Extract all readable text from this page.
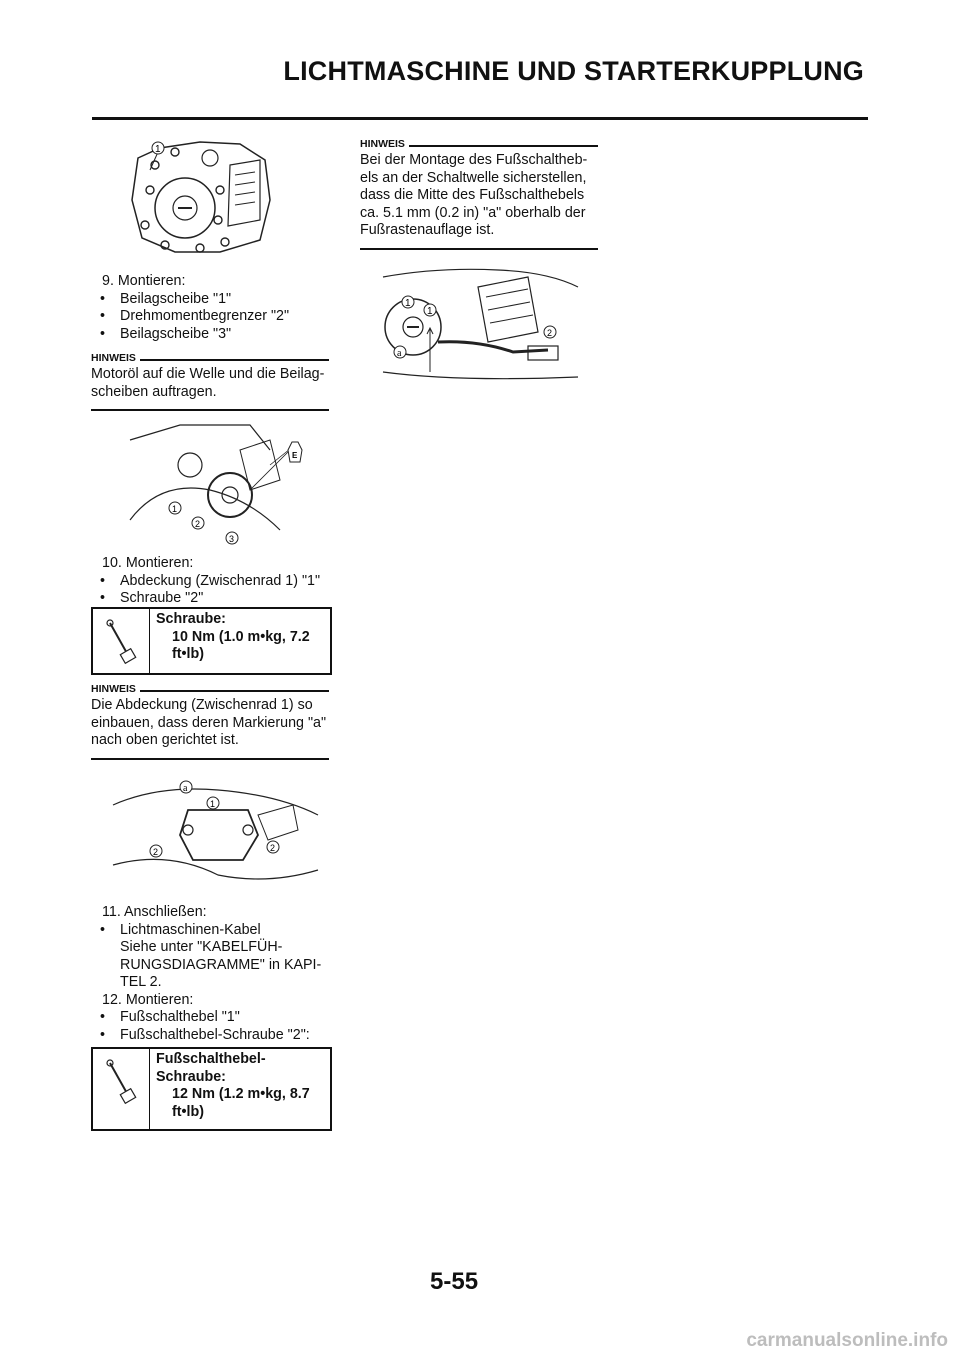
LICHTMASCHINE UND STARTERKUPPLUNG
1
9. Montieren:
• Beilagscheibe "1"
• Drehmomentbegrenzer "2"
• Beilagscheibe "3"
HINWEIS
Motoröl auf die Welle und die Beilag-
scheiben auftragen.
E
1
2
3
10. Montieren:
• Abdeckung (Zwischenrad 1) "1"
• Schraube "2"
Schraube:
10 Nm (1.0 m•kg, 7.2
ft•lb)
HINWEIS
Die Abdeckung (Zwischenrad 1) so
einbauen, dass deren Markierung "a"
nach oben gerichtet ist.
a
1
2	2
11. Anschließen:
• Lichtmaschinen-Kabel
Siehe unter "KABELFÜH-
RUNGSDIAGRAMME" in KAPI-
TEL 2.
12. Montieren:
• Fußschalthebel "1"
• Fußschalthebel-Schraube "2":
Fußschalthebel-
Schraube:
12 Nm (1.2 m•kg, 8.7
ft•lb)
HINWEIS
Bei der Montage des Fußschaltheb-
els an der Schaltwelle sicherstellen,
dass die Mitte des Fußschalthebels
ca. 5.1 mm (0.2 in) "a" oberhalb der
Fußrastenauflage ist.
1
1
a
2
5-55
carmanualsonline.info
